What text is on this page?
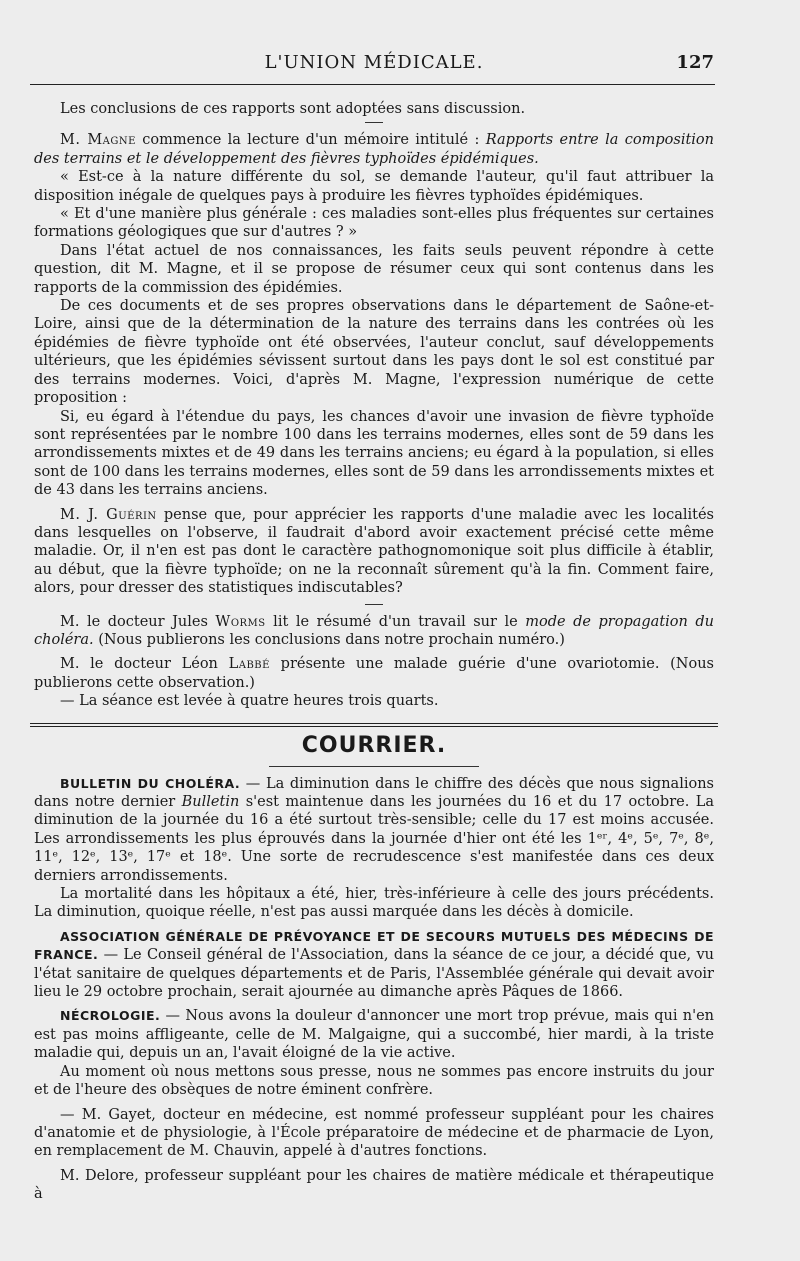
L'UNION MÉDICALE.	127

Les conclusions de ces rapports sont adoptées sans discussion.

M. Magne commence la lecture d'un mémoire intitulé : Rapports entre la composition des terrains et le développement des fièvres typhoïdes épidémiques.

« Est-ce à la nature différente du sol, se demande l'auteur, qu'il faut attribuer la disposition inégale de quelques pays à produire les fièvres typhoïdes épidémiques.

« Et d'une manière plus générale : ces maladies sont-elles plus fréquentes sur certaines formations géologiques que sur d'autres ? »

Dans l'état actuel de nos connaissances, les faits seuls peuvent répondre à cette question, dit M. Magne, et il se propose de résumer ceux qui sont contenus dans les rapports de la commission des épidémies.

De ces documents et de ses propres observations dans le département de Saône-et-Loire, ainsi que de la détermination de la nature des terrains dans les contrées où les épidémies de fièvre typhoïde ont été observées, l'auteur conclut, sauf développements ultérieurs, que les épidémies sévissent surtout dans les pays dont le sol est constitué par des terrains modernes. Voici, d'après M. Magne, l'expression numérique de cette proposition :

Si, eu égard à l'étendue du pays, les chances d'avoir une invasion de fièvre typhoïde sont représentées par le nombre 100 dans les terrains modernes, elles sont de 59 dans les arrondissements mixtes et de 49 dans les terrains anciens; eu égard à la population, si elles sont de 100 dans les terrains modernes, elles sont de 59 dans les arrondissements mixtes et de 43 dans les terrains anciens.

M. J. Guérin pense que, pour apprécier les rapports d'une maladie avec les localités dans lesquelles on l'observe, il faudrait d'abord avoir exactement précisé cette même maladie. Or, il n'en est pas dont le caractère pathognomonique soit plus difficile à établir, au début, que la fièvre typhoïde; on ne la reconnaît sûrement qu'à la fin. Comment faire, alors, pour dresser des statistiques indiscutables?

M. le docteur Jules Worms lit le résumé d'un travail sur le mode de propagation du choléra. (Nous publierons les conclusions dans notre prochain numéro.)

M. le docteur Léon Labbé présente une malade guérie d'une ovariotomie. (Nous publierons cette observation.)

— La séance est levée à quatre heures trois quarts.

COURRIER.

BULLETIN DU CHOLÉRA. — La diminution dans le chiffre des décès que nous signalions dans notre dernier Bulletin s'est maintenue dans les journées du 16 et du 17 octobre. La diminution de la journée du 16 a été surtout très-sensible; celle du 17 est moins accusée. Les arrondissements les plus éprouvés dans la journée d'hier ont été les 1ᵉʳ, 4ᵉ, 5ᵉ, 7ᵉ, 8ᵉ, 11ᵉ, 12ᵉ, 13ᵉ, 17ᵉ et 18ᵉ. Une sorte de recrudescence s'est manifestée dans ces deux derniers arrondissements.

La mortalité dans les hôpitaux a été, hier, très-inférieure à celle des jours précédents. La diminution, quoique réelle, n'est pas aussi marquée dans les décès à domicile.

ASSOCIATION GÉNÉRALE DE PRÉVOYANCE ET DE SECOURS MUTUELS DES MÉDECINS DE FRANCE. — Le Conseil général de l'Association, dans la séance de ce jour, a décidé que, vu l'état sanitaire de quelques départements et de Paris, l'Assemblée générale qui devait avoir lieu le 29 octobre prochain, serait ajournée au dimanche après Pâques de 1866.

NÉCROLOGIE. — Nous avons la douleur d'annoncer une mort trop prévue, mais qui n'en est pas moins affligeante, celle de M. Malgaigne, qui a succombé, hier mardi, à la triste maladie qui, depuis un an, l'avait éloigné de la vie active.

Au moment où nous mettons sous presse, nous ne sommes pas encore instruits du jour et de l'heure des obsèques de notre éminent confrère.

— M. Gayet, docteur en médecine, est nommé professeur suppléant pour les chaires d'anatomie et de physiologie, à l'École préparatoire de médecine et de pharmacie de Lyon, en remplacement de M. Chauvin, appelé à d'autres fonctions.

M. Delore, professeur suppléant pour les chaires de matière médicale et thérapeutique à
